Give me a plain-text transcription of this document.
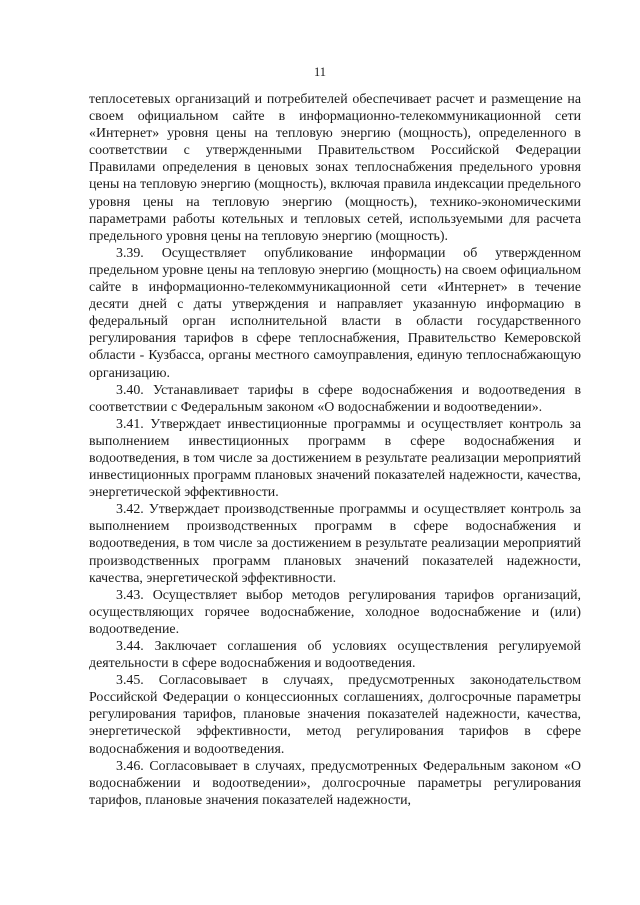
11

теплосетевых организаций и потребителей обеспечивает расчет и размещение на своем официальном сайте в информационно-телекоммуникационной сети «Интернет» уровня цены на тепловую энергию (мощность), определенного в соответствии с утвержденными Правительством Российской Федерации Правилами определения в ценовых зонах теплоснабжения предельного уровня цены на тепловую энергию (мощность), включая правила индексации предельного уровня цены на тепловую энергию (мощность), технико-экономическими параметрами работы котельных и тепловых сетей, используемыми для расчета предельного уровня цены на тепловую энергию (мощность).

3.39. Осуществляет опубликование информации об утвержденном предельном уровне цены на тепловую энергию (мощность) на своем официальном сайте в информационно-телекоммуникационной сети «Интернет» в течение десяти дней с даты утверждения и направляет указанную информацию в федеральный орган исполнительной власти в области государственного регулирования тарифов в сфере теплоснабжения, Правительство Кемеровской области - Кузбасса, органы местного самоуправления, единую теплоснабжающую организацию.

3.40. Устанавливает тарифы в сфере водоснабжения и водоотведения в соответствии с Федеральным законом «О водоснабжении и водоотведении».

3.41. Утверждает инвестиционные программы и осуществляет контроль за выполнением инвестиционных программ в сфере водоснабжения и водоотведения, в том числе за достижением в результате реализации мероприятий инвестиционных программ плановых значений показателей надежности, качества, энергетической эффективности.

3.42. Утверждает производственные программы и осуществляет контроль за выполнением производственных программ в сфере водоснабжения и водоотведения, в том числе за достижением в результате реализации мероприятий производственных программ плановых значений показателей надежности, качества, энергетической эффективности.

3.43. Осуществляет выбор методов регулирования тарифов организаций, осуществляющих горячее водоснабжение, холодное водоснабжение и (или) водоотведение.

3.44. Заключает соглашения об условиях осуществления регулируемой деятельности в сфере водоснабжения и водоотведения.

3.45. Согласовывает в случаях, предусмотренных законодательством Российской Федерации о концессионных соглашениях, долгосрочные параметры регулирования тарифов, плановые значения показателей надежности, качества, энергетической эффективности, метод регулирования тарифов в сфере водоснабжения и водоотведения.

3.46. Согласовывает в случаях, предусмотренных Федеральным законом «О водоснабжении и водоотведении», долгосрочные параметры регулирования тарифов, плановые значения показателей надежности,
